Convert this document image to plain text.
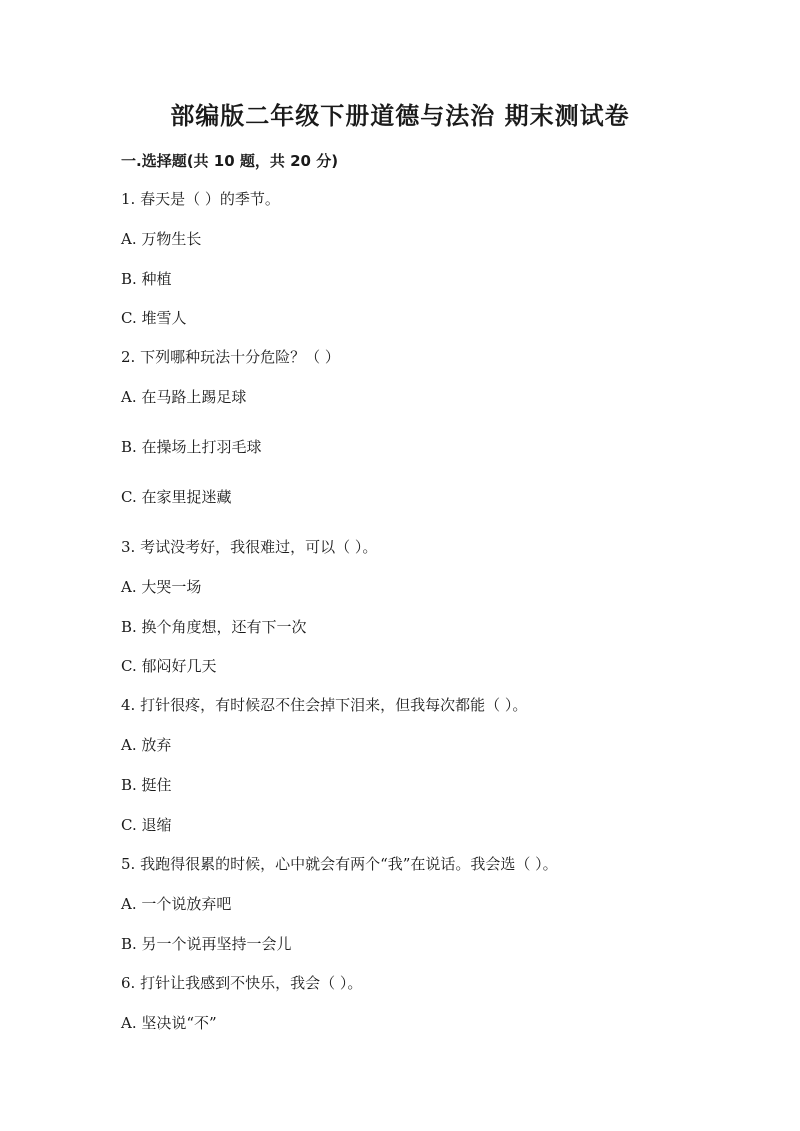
部编版二年级下册道德与法治 期末测试卷
一.选择题(共 10 题，共 20 分)
1. 春天是（ ）的季节。
A. 万物生长
B. 种植
C. 堆雪人
2. 下列哪种玩法十分危险？（ ）
A. 在马路上踢足球
B. 在操场上打羽毛球
C. 在家里捉迷藏
3. 考试没考好，我很难过，可以（ ）。
A. 大哭一场
B. 换个角度想，还有下一次
C. 郁闷好几天
4. 打针很疼，有时候忍不住会掉下泪来，但我每次都能（ ）。
A. 放弃
B. 挺住
C. 退缩
5. 我跑得很累的时候，心中就会有两个“我”在说话。我会选（ ）。
A. 一个说放弃吧
B. 另一个说再坚持一会儿
6. 打针让我感到不快乐，我会（ ）。
A. 坚决说“不”
